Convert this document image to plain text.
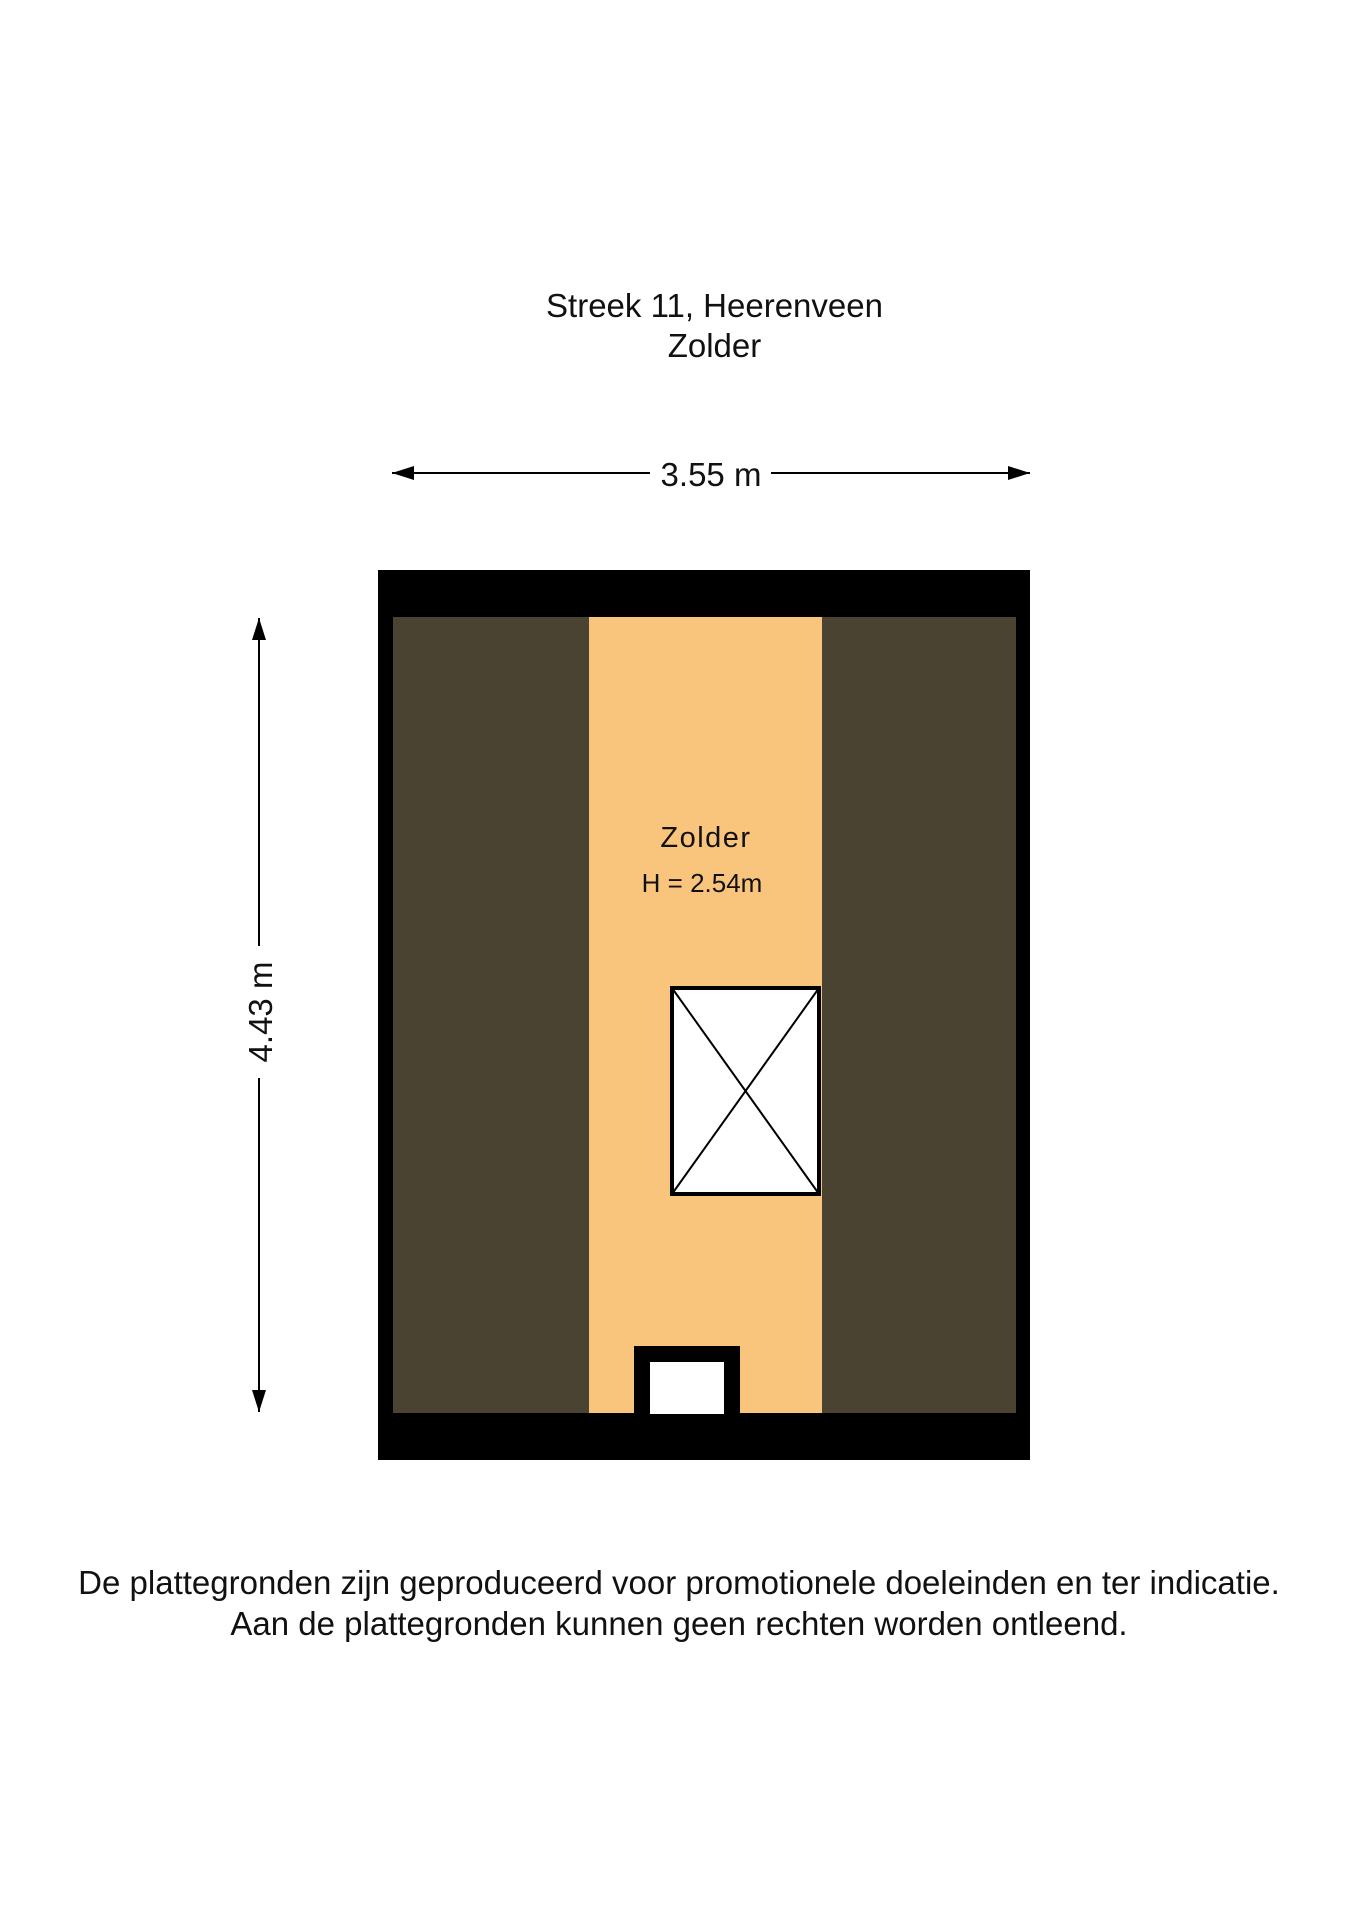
Streek 11, Heerenveen
Zolder
3.55 m
4.43 m
Zolder
H = 2.54m
De plattegronden zijn geproduceerd voor promotionele doeleinden en ter indicatie.
Aan de plattegronden kunnen geen rechten worden ontleend.
